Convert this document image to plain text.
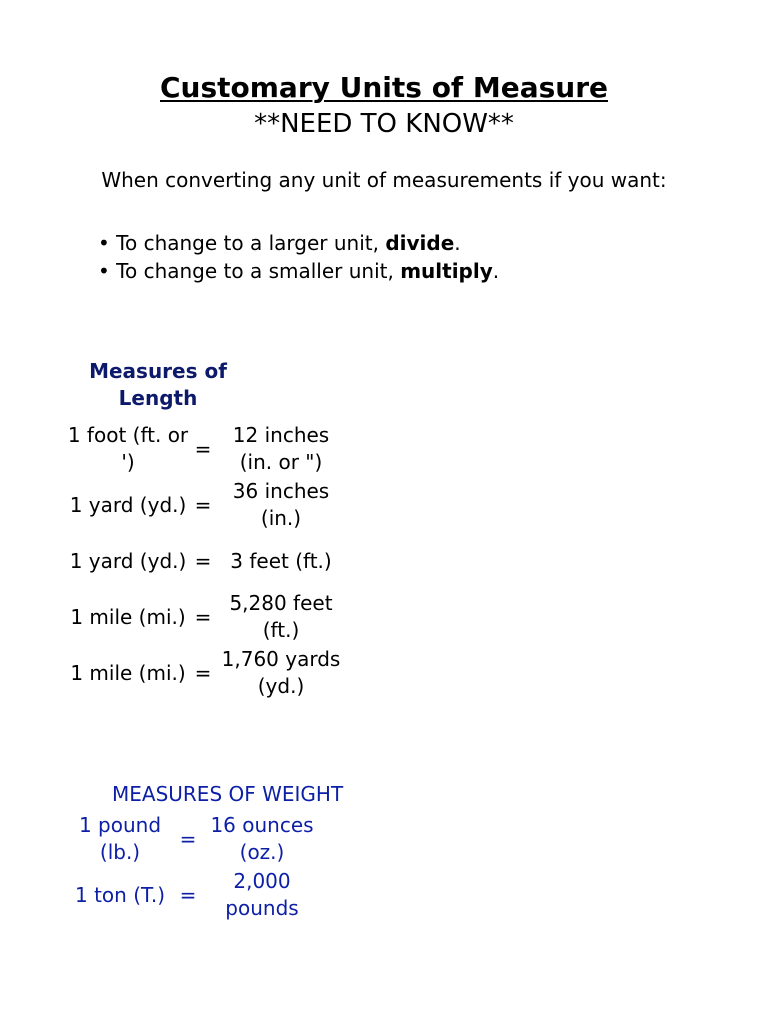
Customary Units of Measure
**NEED TO KNOW**
When converting any unit of measurements if you want:
• To change to a larger unit, divide.
• To change to a smaller unit, multiply.
Measures of Length
1 foot (ft. or ')
=
12 inches (in. or ")
1 yard (yd.) =
36 inches (in.)
1 yard (yd.) = 3 feet (ft.)
1 mile (mi.) =
5,280 feet (ft.)
1 mile (mi.) =
1,760 yards (yd.)
MEASURES OF WEIGHT
1 pound (lb.)
=
16 ounces (oz.)
1 ton (T.) =
2,000 pounds
